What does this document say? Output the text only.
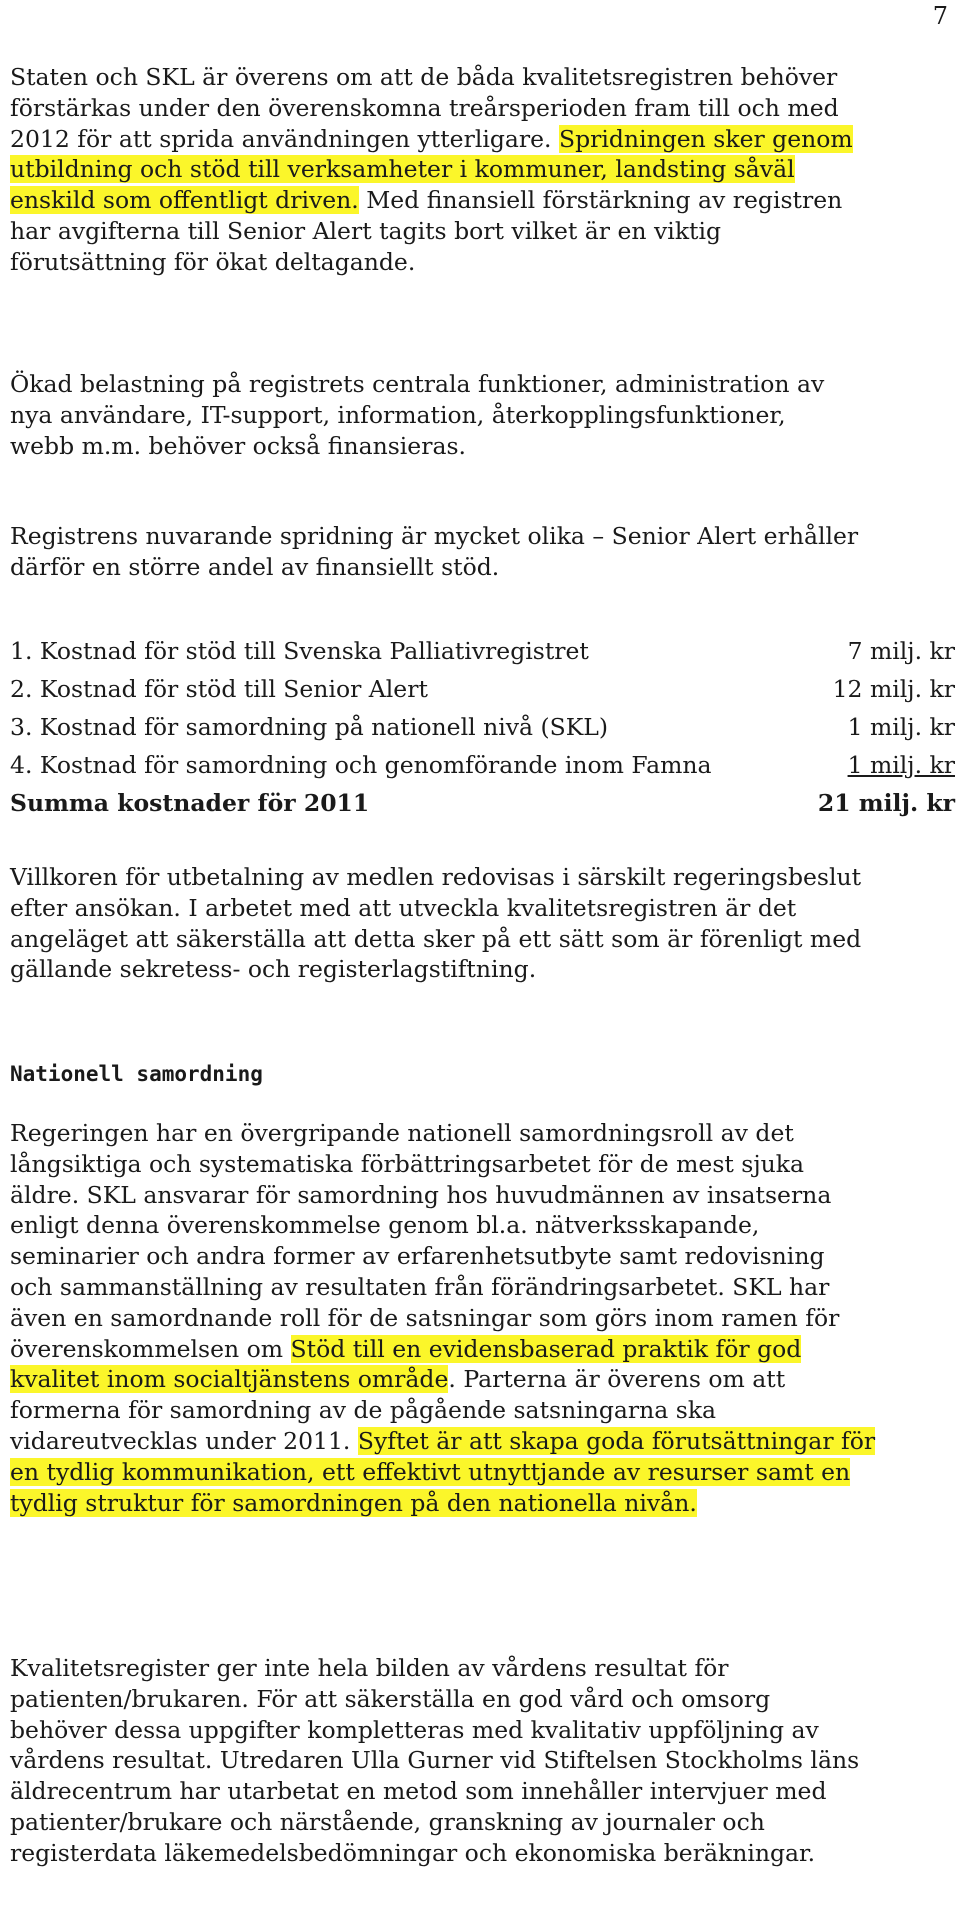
7

Staten och SKL är överens om att de båda kvalitetsregistren behöver
förstärkas under den överenskomna treårsperioden fram till och med
2012 för att sprida användningen ytterligare. Spridningen sker genom
utbildning och stöd till verksamheter i kommuner, landsting såväl
enskild som offentligt driven. Med finansiell förstärkning av registren
har avgifterna till Senior Alert tagits bort vilket är en viktig
förutsättning för ökat deltagande.

Ökad belastning på registrets centrala funktioner, administration av
nya användare, IT-support, information, återkopplingsfunktioner,
webb m.m. behöver också finansieras.

Registrens nuvarande spridning är mycket olika – Senior Alert erhåller
därför en större andel av finansiellt stöd.

1. Kostnad för stöd till Svenska Palliativregistret	7 milj. kr
2. Kostnad för stöd till Senior Alert	12 milj. kr
3. Kostnad för samordning på nationell nivå (SKL)	1 milj. kr
4. Kostnad för samordning och genomförande inom Famna	1 milj. kr
Summa kostnader för 2011	21 milj. kr

Villkoren för utbetalning av medlen redovisas i särskilt regeringsbeslut
efter ansökan. I arbetet med att utveckla kvalitetsregistren är det
angeläget att säkerställa att detta sker på ett sätt som är förenligt med
gällande sekretess- och registerlagstiftning.

Nationell samordning

Regeringen har en övergripande nationell samordningsroll av det
långsiktiga och systematiska förbättringsarbetet för de mest sjuka
äldre. SKL ansvarar för samordning hos huvudmännen av insatserna
enligt denna överenskommelse genom bl.a. nätverksskapande,
seminarier och andra former av erfarenhetsutbyte samt redovisning
och sammanställning av resultaten från förändringsarbetet. SKL har
även en samordnande roll för de satsningar som görs inom ramen för
överenskommelsen om Stöd till en evidensbaserad praktik för god
kvalitet inom socialtjänstens område. Parterna är överens om att
formerna för samordning av de pågående satsningarna ska
vidareutvecklas under 2011. Syftet är att skapa goda förutsättningar för
en tydlig kommunikation, ett effektivt utnyttjande av resurser samt en
tydlig struktur för samordningen på den nationella nivån.

Kvalitetsregister ger inte hela bilden av vårdens resultat för
patienten/brukaren. För att säkerställa en god vård och omsorg
behöver dessa uppgifter kompletteras med kvalitativ uppföljning av
vårdens resultat. Utredaren Ulla Gurner vid Stiftelsen Stockholms läns
äldrecentrum har utarbetat en metod som innehåller intervjuer med
patienter/brukare och närstående, granskning av journaler och
registerdata läkemedelsbedömningar och ekonomiska beräkningar.
